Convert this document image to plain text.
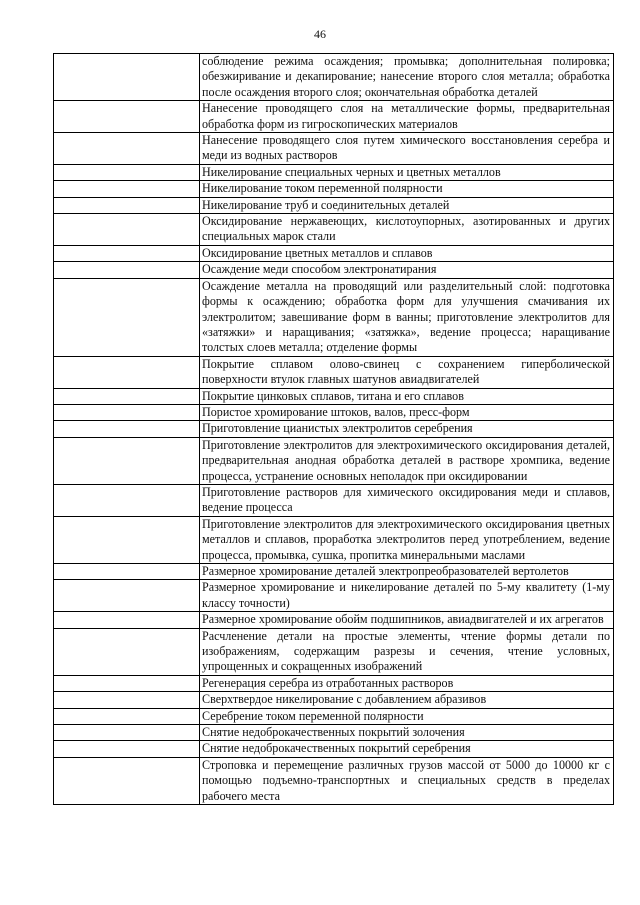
46
	соблюдение режима осаждения; промывка; дополнительная полировка; обезжиривание и декапирование; нанесение второго слоя металла; обработка после осаждения второго слоя; окончательная обработка деталей
	Нанесение проводящего слоя на металлические формы, предварительная обработка форм из гигроскопических материалов
	Нанесение проводящего слоя путем химического восстановления серебра и меди из водных растворов
	Никелирование специальных черных и цветных металлов
	Никелирование током переменной полярности
	Никелирование труб и соединительных деталей
	Оксидирование нержавеющих, кислотоупорных, азотированных и других специальных марок стали
	Оксидирование цветных металлов и сплавов
	Осаждение меди способом электронатирания
	Осаждение металла на проводящий или разделительный слой: подготовка формы к осаждению; обработка форм для улучшения смачивания их электролитом; завешивание форм в ванны; приготовление электролитов для «затяжки» и наращивания; «затяжка», ведение процесса; наращивание толстых слоев металла; отделение формы
	Покрытие сплавом олово-свинец с сохранением гиперболической поверхности втулок главных шатунов авиадвигателей
	Покрытие цинковых сплавов, титана и его сплавов
	Пористое хромирование штоков, валов, пресс-форм
	Приготовление цианистых электролитов серебрения
	Приготовление электролитов для электрохимического оксидирования деталей, предварительная анодная обработка деталей в растворе хромпика, ведение процесса, устранение основных неполадок при оксидировании
	Приготовление растворов для химического оксидирования меди и сплавов, ведение процесса
	Приготовление электролитов для электрохимического оксидирования цветных металлов и сплавов, проработка электролитов перед употреблением, ведение процесса, промывка, сушка, пропитка минеральными маслами
	Размерное хромирование деталей электропреобразователей вертолетов
	Размерное хромирование и никелирование деталей по 5-му квалитету (1-му классу точности)
	Размерное хромирование обойм подшипников, авиадвигателей и их агрегатов
	Расчленение детали на простые элементы, чтение формы детали по изображениям, содержащим разрезы и сечения, чтение условных, упрощенных и сокращенных изображений
	Регенерация серебра из отработанных растворов
	Сверхтвердое никелирование с добавлением абразивов
	Серебрение током переменной полярности
	Снятие недоброкачественных покрытий золочения
	Снятие недоброкачественных покрытий серебрения
	Строповка и перемещение различных грузов массой от 5000 до 10000 кг с помощью подъемно-транспортных и специальных средств в пределах рабочего места
